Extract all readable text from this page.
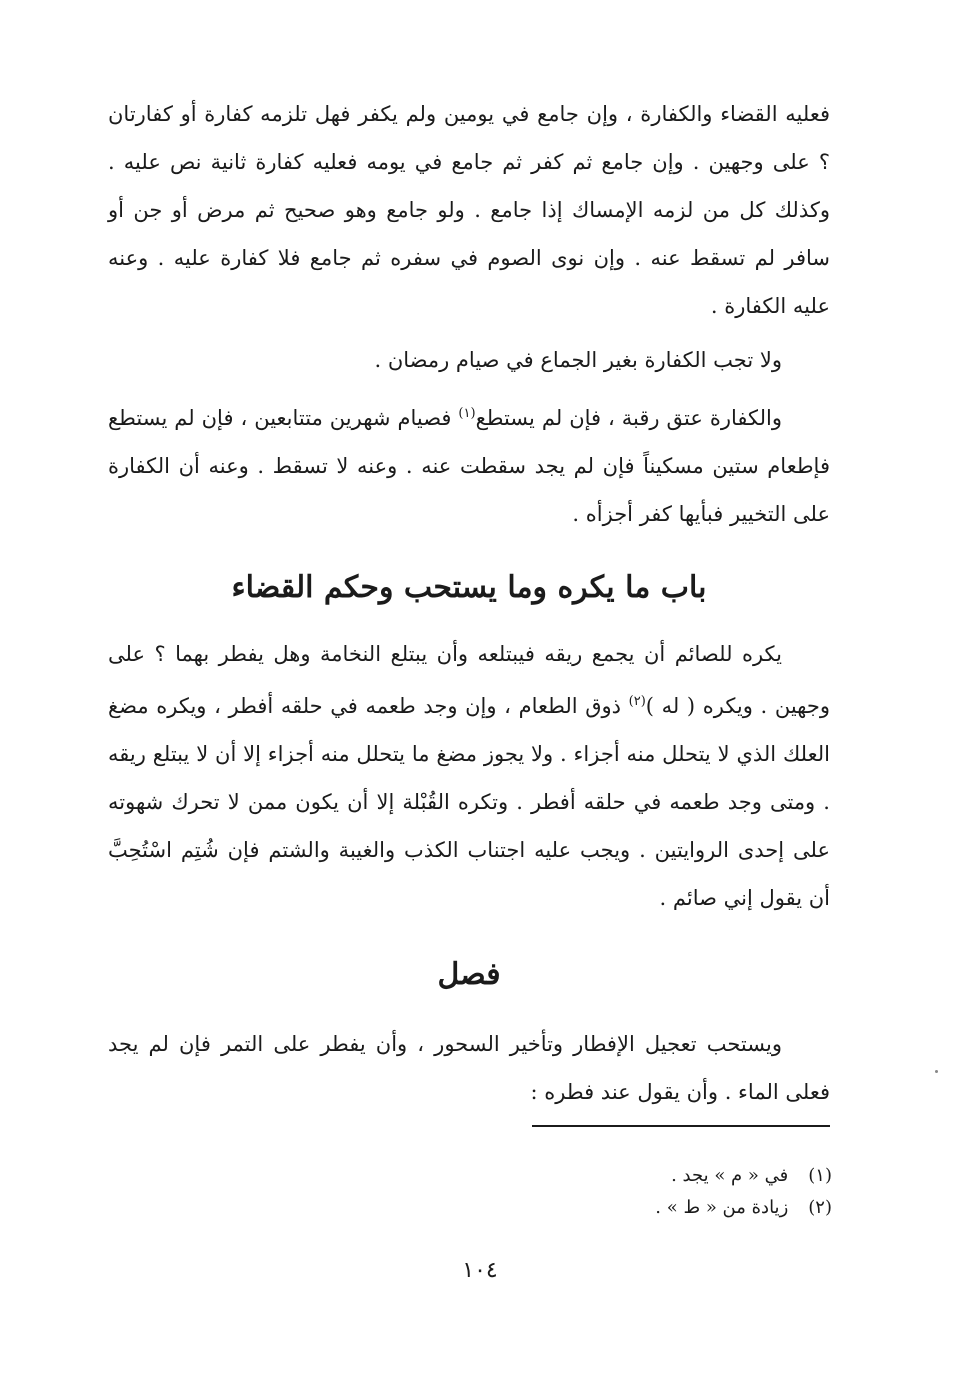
فعليه القضاء والكفارة ، وإن جامع في يومين ولم يكفر فهل تلزمه كفارة أو كفارتان ؟ على وجهين . وإن جامع ثم كفر ثم جامع في يومه فعليه كفارة ثانية نص عليه . وكذلك كل من لزمه الإمساك إذا جامع . ولو جامع وهو صحيح ثم مرض أو جن أو سافر لم تسقط عنه . وإن نوى الصوم في سفره ثم جامع فلا كفارة عليه . وعنه عليه الكفارة .

ولا تجب الكفارة بغير الجماع في صيام رمضان .

والكفارة عتق رقبة ، فإن لم يستطع$^{(١)}$ فصيام شهرين متتابعين ، فإن لم يستطع فإطعام ستين مسكيناً فإن لم يجد سقطت عنه . وعنه لا تسقط . وعنه أن الكفارة على التخيير فبأيها كفر أجزأه .

باب ما يكره وما يستحب وحكم القضاء

يكره للصائم أن يجمع ريقه فيبتلعه وأن يبتلع النخامة وهل يفطر بهما ؟ على وجهين . ويكره ( له )$^{(٢)}$ ذوق الطعام ، وإن وجد طعمه في حلقه أفطر ، ويكره مضغ العلك الذي لا يتحلل منه أجزاء . ولا يجوز مضغ ما يتحلل منه أجزاء إلا أن لا يبتلع ريقه . ومتى وجد طعمه في حلقه أفطر . وتكره القُبْلة إلا أن يكون ممن لا تحرك شهوته على إحدى الروايتين . ويجب عليه اجتناب الكذب والغيبة والشتم فإن شُتِم اسْتُحِبَّ أن يقول إني صائم .

فصل

ويستحب تعجيل الإفطار وتأخير السحور ، وأن يفطر على التمر فإن لم يجد فعلى الماء . وأن يقول عند فطره :

(١)في « م » يجد .

(٢)زيادة من « ط » .

١٠٤
